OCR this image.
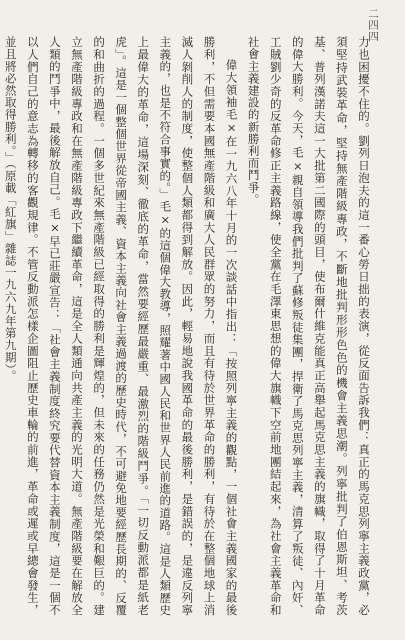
二四四

力也困擾不住的。劉列日泡夫的這一番心勞日拙的表演，從反面告訴我們：真正的馬克思列寧主義政黨，必須堅持武裝革命，堅持無產階級專政，不斷地批判形形色色的機會主義思潮。列寧批判了伯恩斯坦、考茨基、普列漢諾夫這一大批第二國際的頭目，使布爾什維克能真正高舉起馬克思主義的旗幟，取得了十月革命的偉大勝利。今天，毛×親自領導我們批判了蘇修叛徒集團，捍衛了馬克思列寧主義，清算了叛徒、內奸、工賊劉少奇的反革命修正主義路線，使全黨在毛澤東思想的偉大旗幟下空前地團結起來，為社會主義革命和社會主義建設的新勝利而鬥爭。

偉大領袖毛×在一九六八年十月的一次談話中指出：「按照列寧主義的觀點，一個社會主義國家的最後勝利，不但需要本國無產階級和廣大人民群眾的努力，而且有待於世界革命的勝利，有待於在整個地球上消滅人剝削人的制度，使整個人類都得到解放。因此，輕易地說我國革命的最後勝利，是錯誤的，是違反列寧主義的，也是不符合事實的。」毛×的這個偉大教導，照耀著中國人民和世界人民前進的道路。這是人類歷史上最偉大的革命，這場深刻、徹底的革命，當然要經歷最嚴重、最激烈的階級鬥爭。「一切反動派都是紙老虎」。這是一個整個世界從帝國主義、資本主義向社會主義過渡的歷史時代，不可避免地要經歷長期的、反覆的和曲折的過程。一個多世紀來無產階級已經取得的勝利是輝煌的，但未來的任務仍然是光榮和艱巨的。建立無產階級專政和在無產階級專政下繼續革命，這是全人類通向共產主義的光明大道。無產階級要在解放全人類的鬥爭中，最後解放自己。毛×早已莊嚴宣告：「社會主義制度終究要代替資本主義制度，這是一個不以人們自己的意志為轉移的客觀規律。不管反動派怎樣企圖阻止歷史車輪的前進，革命或遲或早總會發生，並且將必然取得勝利。」（原載「紅旗」雜誌一九六九年第九期）。
